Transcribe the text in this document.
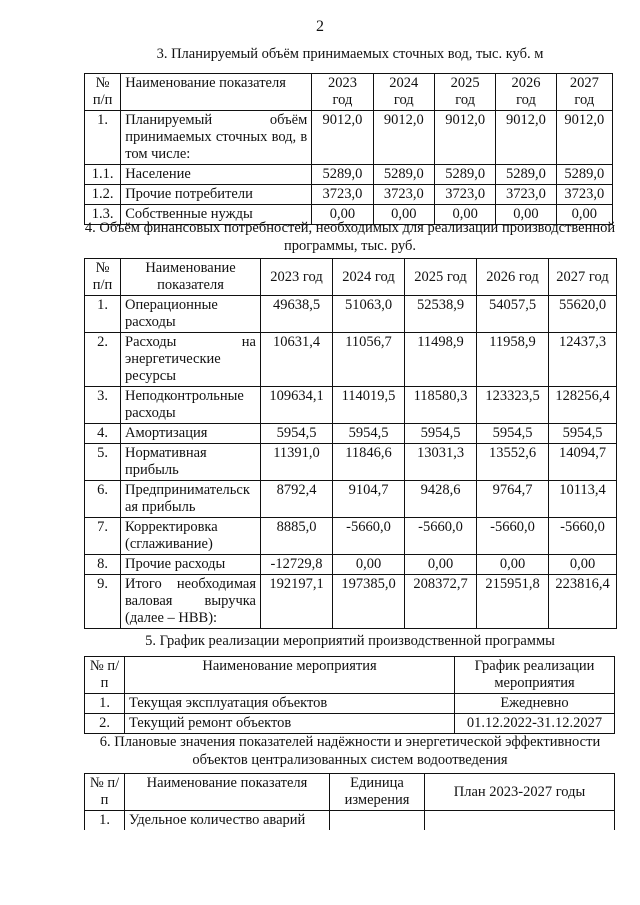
2
3. Планируемый объём принимаемых сточных вод, тыс. куб. м
№ п/п	Наименование показателя	2023 год	2024 год	2025 год	2026 год	2027 год
1.	Планируемый объём принимаемых сточных вод, в том числе:	9012,0	9012,0	9012,0	9012,0	9012,0
1.1.	Население	5289,0	5289,0	5289,0	5289,0	5289,0
1.2.	Прочие потребители	3723,0	3723,0	3723,0	3723,0	3723,0
1.3.	Собственные нужды	0,00	0,00	0,00	0,00	0,00
4. Объём финансовых потребностей, необходимых для реализации производственной программы, тыс. руб.
№ п/п	Наименование показателя	2023 год	2024 год	2025 год	2026 год	2027 год
1.	Операционные расходы	49638,5	51063,0	52538,9	54057,5	55620,0
2.	Расходы на энергетические ресурсы	10631,4	11056,7	11498,9	11958,9	12437,3
3.	Неподконтрольные расходы	109634,1	114019,5	118580,3	123323,5	128256,4
4.	Амортизация	5954,5	5954,5	5954,5	5954,5	5954,5
5.	Нормативная прибыль	11391,0	11846,6	13031,3	13552,6	14094,7
6.	Предпринимательская прибыль	8792,4	9104,7	9428,6	9764,7	10113,4
7.	Корректировка (сглаживание)	8885,0	-5660,0	-5660,0	-5660,0	-5660,0
8.	Прочие расходы	-12729,8	0,00	0,00	0,00	0,00
9.	Итого необходимая валовая выручка (далее – НВВ):	192197,1	197385,0	208372,7	215951,8	223816,4
5. График реализации мероприятий производственной программы
№ п/п	Наименование мероприятия	График реализации мероприятия
1.	Текущая эксплуатация объектов	Ежедневно
2.	Текущий ремонт объектов	01.12.2022-31.12.2027
6. Плановые значения показателей надёжности и энергетической эффективности объектов централизованных систем водоотведения
№ п/п	Наименование показателя	Единица измерения	План 2023-2027 годы
1.	Удельное количество аварий		
